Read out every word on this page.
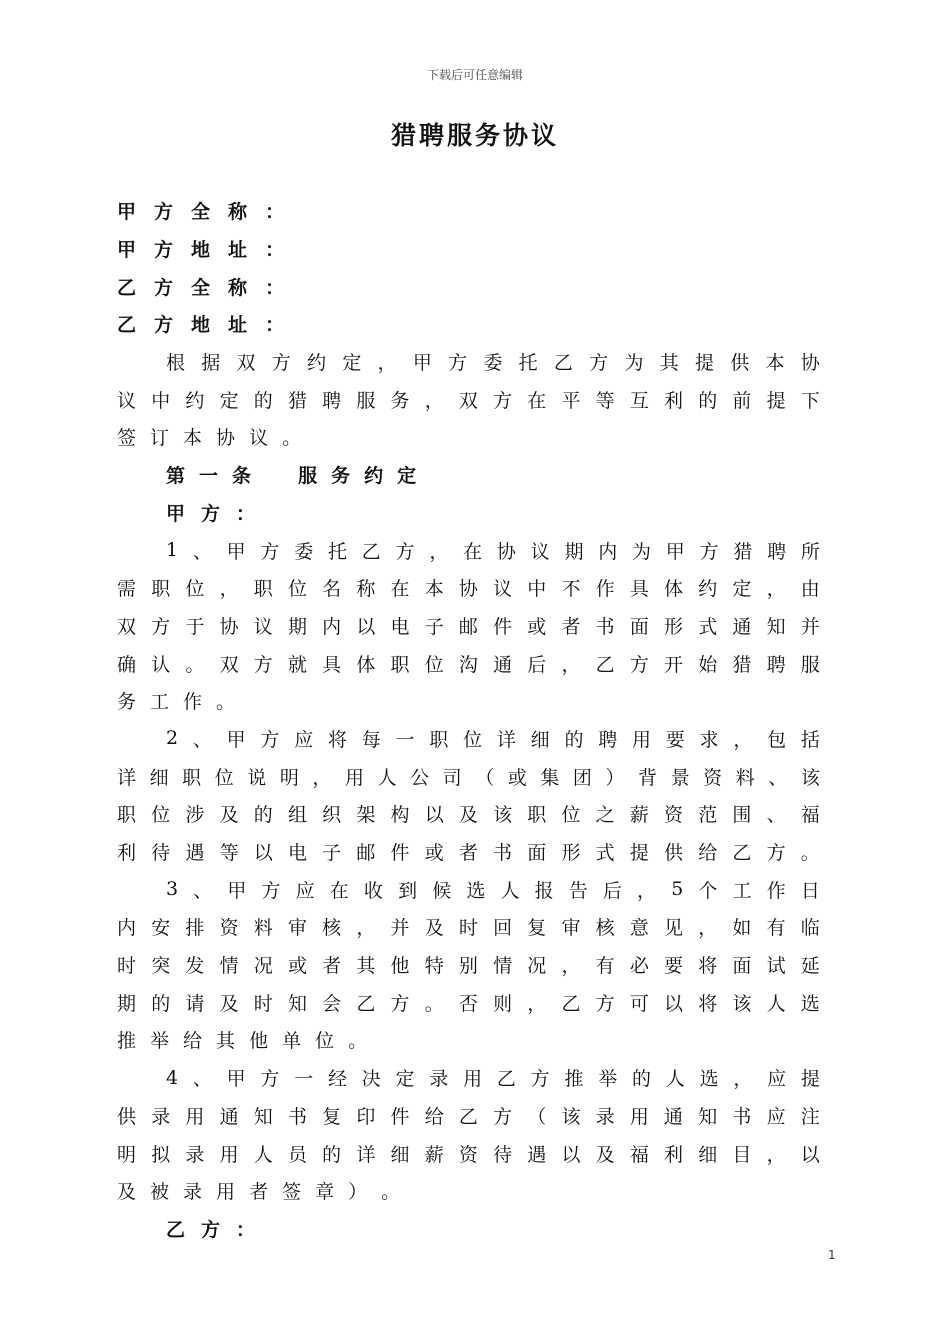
下载后可任意编辑
猎聘服务协议
甲 方 全 称 ：
甲 方 地 址 ：
乙 方 全 称 ：
乙 方 地 址 ：
根 据 双 方 约 定 ， 甲 方 委 托 乙 方 为 其 提 供 本 协
议 中 约 定 的 猎 聘 服 务 ， 双 方 在 平 等 互 利 的 前 提 下
签 订 本 协 议 。
第 一 条
　 服 务 约 定
甲 方 ：
1 、 甲 方 委 托 乙 方 ， 在 协 议 期 内 为 甲 方 猎 聘 所
需 职 位 ， 职 位 名 称 在 本 协 议 中 不 作 具 体 约 定 ， 由
双 方 于 协 议 期 内 以 电 子 邮 件 或 者 书 面 形 式 通 知 并
确 认 。 双 方 就 具 体 职 位 沟 通 后 ， 乙 方 开 始 猎 聘 服
务 工 作 。
2 、 甲 方 应 将 每 一 职 位 详 细 的 聘 用 要 求 ， 包 括
详 细 职 位 说 明 ， 用 人 公 司 （ 或 集 团 ） 背 景 资 料 、 该
职 位 涉 及 的 组 织 架 构 以 及 该 职 位 之 薪 资 范 围 、 福
利 待 遇 等 以 电 子 邮 件 或 者 书 面 形 式 提 供 给 乙 方 。
3 、 甲 方 应 在 收 到 候 选 人 报 告 后 ， 5 个 工 作 日
内 安 排 资 料 审 核 ， 并 及 时 回 复 审 核 意 见 ， 如 有 临
时 突 发 情 况 或 者 其 他 特 别 情 况 ， 有 必 要 将 面 试 延
期 的 请 及 时 知 会 乙 方 。 否 则 ， 乙 方 可 以 将 该 人 选
推 举 给 其 他 单 位 。
4 、 甲 方 一 经 决 定 录 用 乙 方 推 举 的 人 选 ， 应 提
供 录 用 通 知 书 复 印 件 给 乙 方 （ 该 录 用 通 知 书 应 注
明 拟 录 用 人 员 的 详 细 薪 资 待 遇 以 及 福 利 细 目 ， 以
及 被 录 用 者 签 章 ） 。
乙 方 ：
1
